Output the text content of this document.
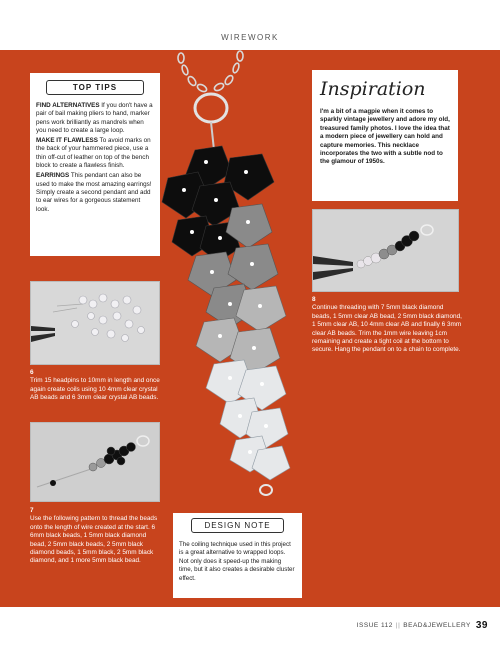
WIREWORK
TOP TIPS

FIND ALTERNATIVES If you don't have a pair of bail making pliers to hand, marker pens work brilliantly as mandrels when you need to create a large loop.

MAKE IT FLAWLESS To avoid marks on the back of your hammered piece, use a thin off-cut of leather on top of the bench block to create a flawless finish.

EARRINGS This pendant can also be used to make the most amazing earrings! Simply create a second pendant and add to ear wires for a gorgeous statement look.

Inspiration

I'm a bit of a magpie when it comes to sparkly vintage jewellery and adore my old, treasured family photos. I love the idea that a modern piece of jewellery can hold and capture memories. This necklace incorporates the two with a subtle nod to the glamour of 1950s.

6
Trim 15 headpins to 10mm in length and once again create coils using 10 4mm clear crystal AB beads and 6 3mm clear crystal AB beads.
7
Use the following pattern to thread the beads onto the length of wire created at the start. 6 6mm black beads, 1 5mm black diamond bead, 2 5mm black beads, 2 5mm black diamond beads, 1 5mm black, 2 5mm black diamond, and 1 more 5mm black bead.
8
Continue threading with 7 5mm black diamond beads, 1 5mm clear AB bead, 2 5mm black diamond, 1 5mm clear AB, 10 4mm clear AB and finally 6 3mm clear AB beads. Trim the 1mm wire leaving 1cm remaining and create a tight coil at the bottom to secure. Hang the pendant on to a chain to complete.
DESIGN NOTE

The coiling technique used in this project is a great alternative to wrapped loops. Not only does it speed-up the making time, but it also creates a desirable cluster effect.

ISSUE 112 || BEAD&JEWELLERY 39
